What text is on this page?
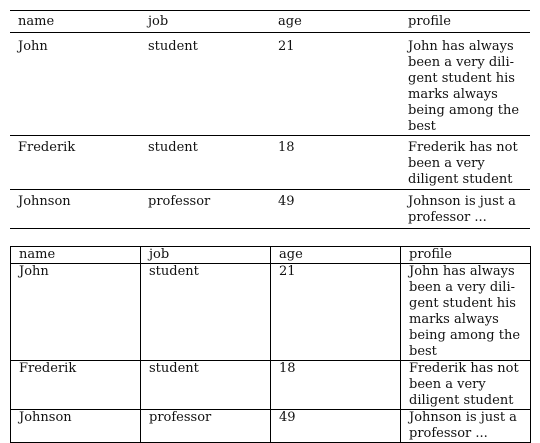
name	job	age	profile
John	student	21	John has always been a very dili- gent student his marks always being among the best
Frederik	student	18	Frederik has not been a very diligent student
Johnson	professor	49	Johnson is just a professor ...
name	job	age	profile
John	student	21	John has always been a very dili- gent student his marks always being among the best
Frederik	student	18	Frederik has not been a very diligent student
Johnson	professor	49	Johnson is just a professor ...
